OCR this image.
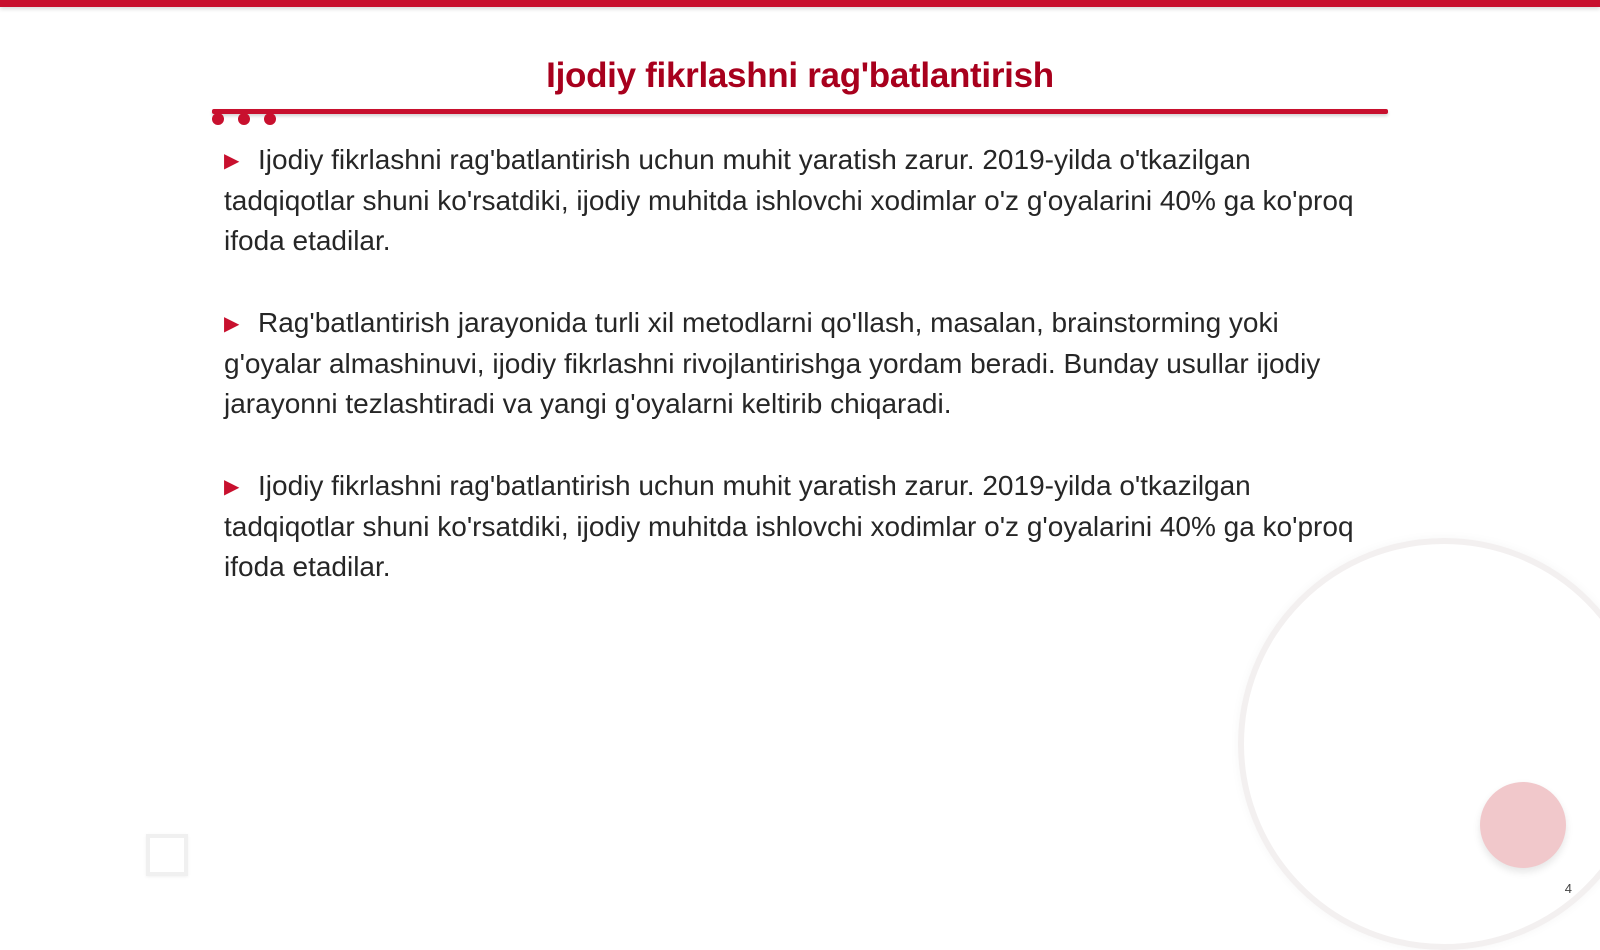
Ijodiy fikrlashni rag'batlantirish
▶ Ijodiy fikrlashni rag'batlantirish uchun muhit yaratish zarur. 2019-yilda o'tkazilgan tadqiqotlar shuni ko'rsatdiki, ijodiy muhitda ishlovchi xodimlar o'z g'oyalarini 40% ga ko'proq ifoda etadilar.
▶ Rag'batlantirish jarayonida turli xil metodlarni qo'llash, masalan, brainstorming yoki g'oyalar almashinuvi, ijodiy fikrlashni rivojlantirishga yordam beradi. Bunday usullar ijodiy jarayonni tezlashtiradi va yangi g'oyalarni keltirib chiqaradi.
▶ Ijodiy fikrlashni rag'batlantirish uchun muhit yaratish zarur. 2019-yilda o'tkazilgan tadqiqotlar shuni ko'rsatdiki, ijodiy muhitda ishlovchi xodimlar o'z g'oyalarini 40% ga ko'proq ifoda etadilar.
4
